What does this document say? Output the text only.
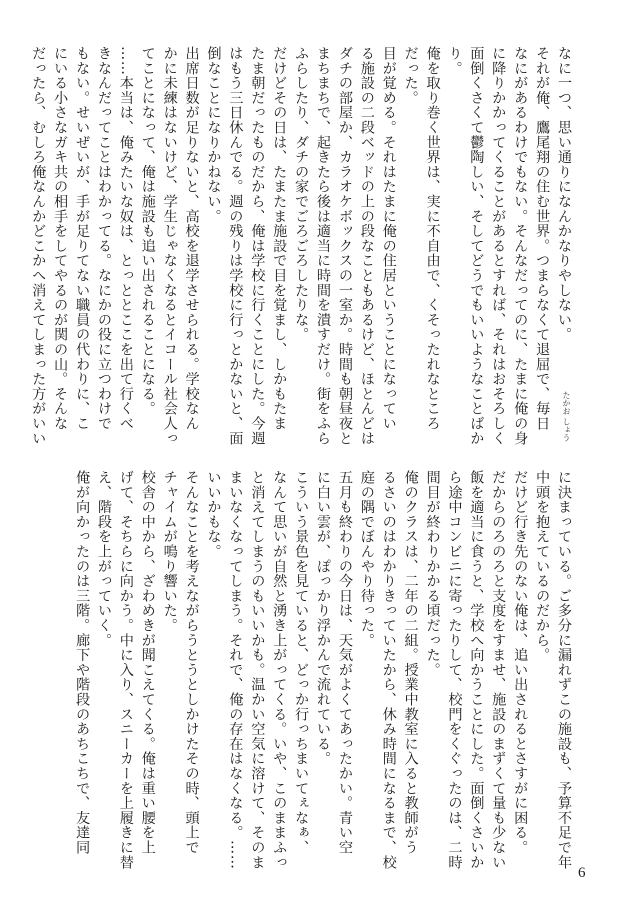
なに一つ、思い通りになんかなりやしない。

それが俺、鷹尾翔の住む世界。つまらなくて退屈で、毎日

なにがあるわけでもない。そんなだってのに、たまに俺の身

に降りかかってくることがあるとすれば、それはおそろしく

面倒くさくて鬱陶しい、そしてどうでもいいようなことばか

り。

俺を取り巻く世界は、実に不自由で、くそったれなところ

だった。

目が覚める。それはたまに俺の住居ということになってい

る施設の二段ベッドの上の段なこともあるけど、ほとんどは

ダチの部屋か、カラオケボックスの一室か。時間も朝昼夜と

まちまちで、起きたら後は適当に時間を潰すだけ。街をふら

ふらしたり、ダチの家でごろごろしたりな。

だけどその日は、たまたま施設で目を覚まし、しかもたま

たま朝だったものだから、俺は学校に行くことにした。今週

はもう三日休んでる。週の残りは学校に行っとかないと、面

倒なことになりかねない。

出席日数が足りないと、高校を退学させられる。学校なん

かに未練はないけど、学生じゃなくなるとイコール社会人っ

てことになって、俺は施設も追い出されることになる。

……本当は、俺みたいな奴は、とっととここを出て行くべ

きなんだってことはわかってる。なにかの役に立つわけで

もない。せいぜいが、手が足りてない職員の代わりに、こ

にいる小さなガキ共の相手をしてやるのが関の山。そんな

だったら、むしろ俺なんかどこかへ消えてしまった方がいい	たかお しょう

に決まっている。ご多分に漏れずこの施設も、予算不足で年

中頭を抱えているのだから。

だけど行き先のない俺は、追い出されるとさすがに困る。

だからのろのろと支度をすませ、施設のまずくて量も少ない

飯を適当に食うと、学校へ向かうことにした。面倒くさいか

ら途中コンビニに寄ったりして、校門をくぐったのは、二時

間目が終わりかかる頃だった。

俺のクラスは、二年の二組。授業中教室に入ると教師がう

るさいのはわかりきっていたから、休み時間になるまで、校

庭の隅でぼんやり待った。

五月も終わりの今日は、天気がよくてあったかい。青い空

に白い雲が、ぽっかり浮かんで流れている。

こういう景色を見ていると、どっか行っちまいてぇなぁ、

なんて思いが自然と湧き上がってくる。いや、このままふっ

と消えてしまうのもいいかも。温かい空気に溶けて、そのま

まいなくなってしまう。それで、俺の存在はなくなる。……

いいかもな。

そんなことを考えながらうとうとしかけたその時、頭上で

チャイムが鳴り響いた。

校舎の中から、ざわめきが聞こえてくる。俺は重い腰を上

げて、そちらに向かう。中に入り、スニーカーを上履きに替

え、階段を上がっていく。

俺が向かったのは三階。廊下や階段のあちこちで、友達同

6
